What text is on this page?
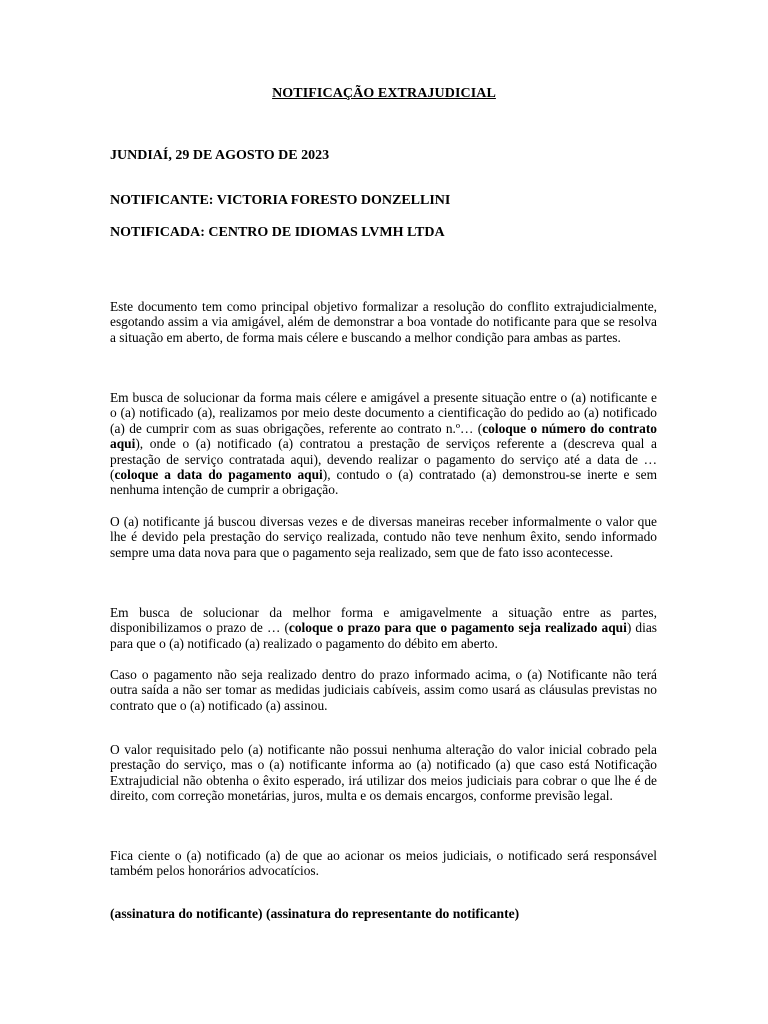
NOTIFICAÇÃO EXTRAJUDICIAL
JUNDIAÍ, 29 DE AGOSTO DE 2023
NOTIFICANTE: VICTORIA FORESTO DONZELLINI
NOTIFICADA: CENTRO DE IDIOMAS LVMH LTDA

Este documento tem como principal objetivo formalizar a resolução do conflito extrajudicialmente, esgotando assim a via amigável, além de demonstrar a boa vontade do notificante para que se resolva a situação em aberto, de forma mais célere e buscando a melhor condição para ambas as partes.

Em busca de solucionar da forma mais célere e amigável a presente situação entre o (a) notificante e o (a) notificado (a), realizamos por meio deste documento a cientificação do pedido ao (a) notificado (a) de cumprir com as suas obrigações, referente ao contrato n.º… (coloque o número do contrato aqui), onde o (a) notificado (a) contratou a prestação de serviços referente a (descreva qual a prestação de serviço contratada aqui), devendo realizar o pagamento do serviço até a data de … (coloque a data do pagamento aqui), contudo o (a) contratado (a) demonstrou-se inerte e sem nenhuma intenção de cumprir a obrigação.

O (a) notificante já buscou diversas vezes e de diversas maneiras receber informalmente o valor que lhe é devido pela prestação do serviço realizada, contudo não teve nenhum êxito, sendo informado sempre uma data nova para que o pagamento seja realizado, sem que de fato isso acontecesse.

Em busca de solucionar da melhor forma e amigavelmente a situação entre as partes, disponibilizamos o prazo de … (coloque o prazo para que o pagamento seja realizado aqui) dias para que o (a) notificado (a) realizado o pagamento do débito em aberto.

Caso o pagamento não seja realizado dentro do prazo informado acima, o (a) Notificante não terá outra saída a não ser tomar as medidas judiciais cabíveis, assim como usará as cláusulas previstas no contrato que o (a) notificado (a) assinou.

O valor requisitado pelo (a) notificante não possui nenhuma alteração do valor inicial cobrado pela prestação do serviço, mas o (a) notificante informa ao (a) notificado (a) que caso está Notificação Extrajudicial não obtenha o êxito esperado, irá utilizar dos meios judiciais para cobrar o que lhe é de direito, com correção monetárias, juros, multa e os demais encargos, conforme previsão legal.

Fica ciente o (a) notificado (a) de que ao acionar os meios judiciais, o notificado será responsável também pelos honorários advocatícios.

(assinatura do notificante) (assinatura do representante do notificante)
